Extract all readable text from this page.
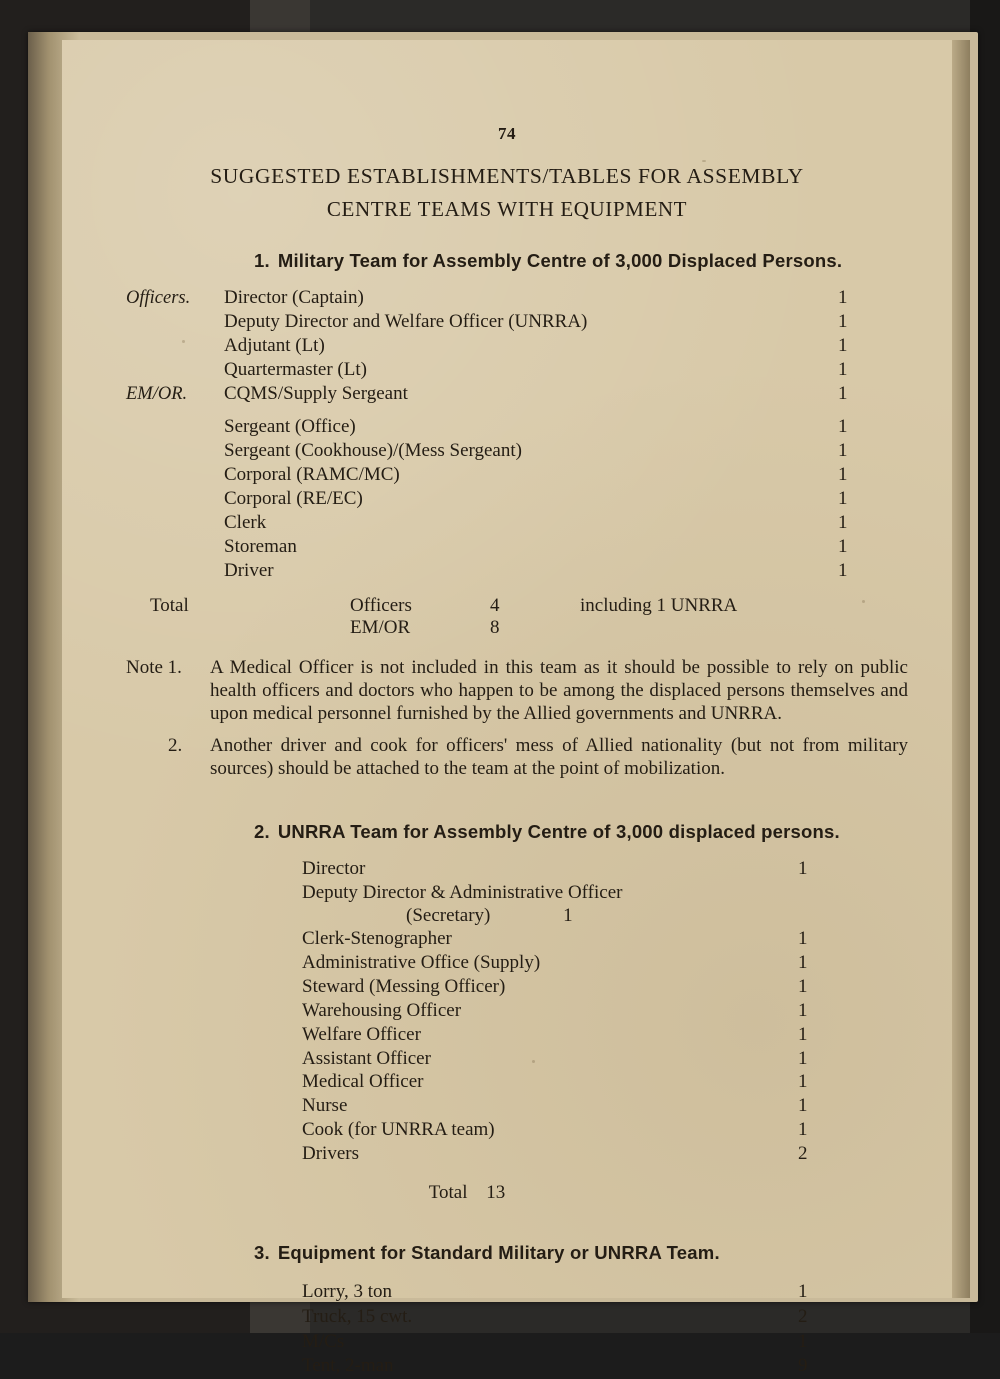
74
SUGGESTED ESTABLISHMENTS/TABLES FOR ASSEMBLY
CENTRE TEAMS WITH EQUIPMENT
1. Military Team for Assembly Centre of 3,000 Displaced Persons.
Officers.	Director (Captain)	1
Deputy Director and Welfare Officer (UNRRA)	1
Adjutant (Lt)	1
Quartermaster (Lt)	1
EM/OR.	CQMS/Supply Sergeant	1
Sergeant (Office)	1
Sergeant (Cookhouse)/(Mess Sergeant)	1
Corporal (RAMC/MC)	1
Corporal (RE/EC)	1
Clerk	1
Storeman	1
Driver	1
Total	Officers	4	including 1 UNRRA
EM/OR	8
Note 1.	A Medical Officer is not included in this team as it should be possible to rely on public health officers and doctors who happen to be among the displaced persons themselves and upon medical personnel furnished by the Allied governments and UNRRA.
2.	Another driver and cook for officers' mess of Allied nationality (but not from military sources) should be attached to the team at the point of mobilization.
2. UNRRA Team for Assembly Centre of 3,000 displaced persons.
Director	1
Deputy Director & Administrative Officer
(Secretary)	1
Clerk-Stenographer	1
Administrative Office (Supply)	1
Steward (Messing Officer)	1
Warehousing Officer	1
Welfare Officer	1
Assistant Officer	1
Medical Officer	1
Nurse	1
Cook (for UNRRA team)	1
Drivers	2
Total 13
3. Equipment for Standard Military or UNRRA Team.
Lorry, 3 ton	1
Truck, 15 cwt.	2
M/Cs	1
Tent, 2-man	9
